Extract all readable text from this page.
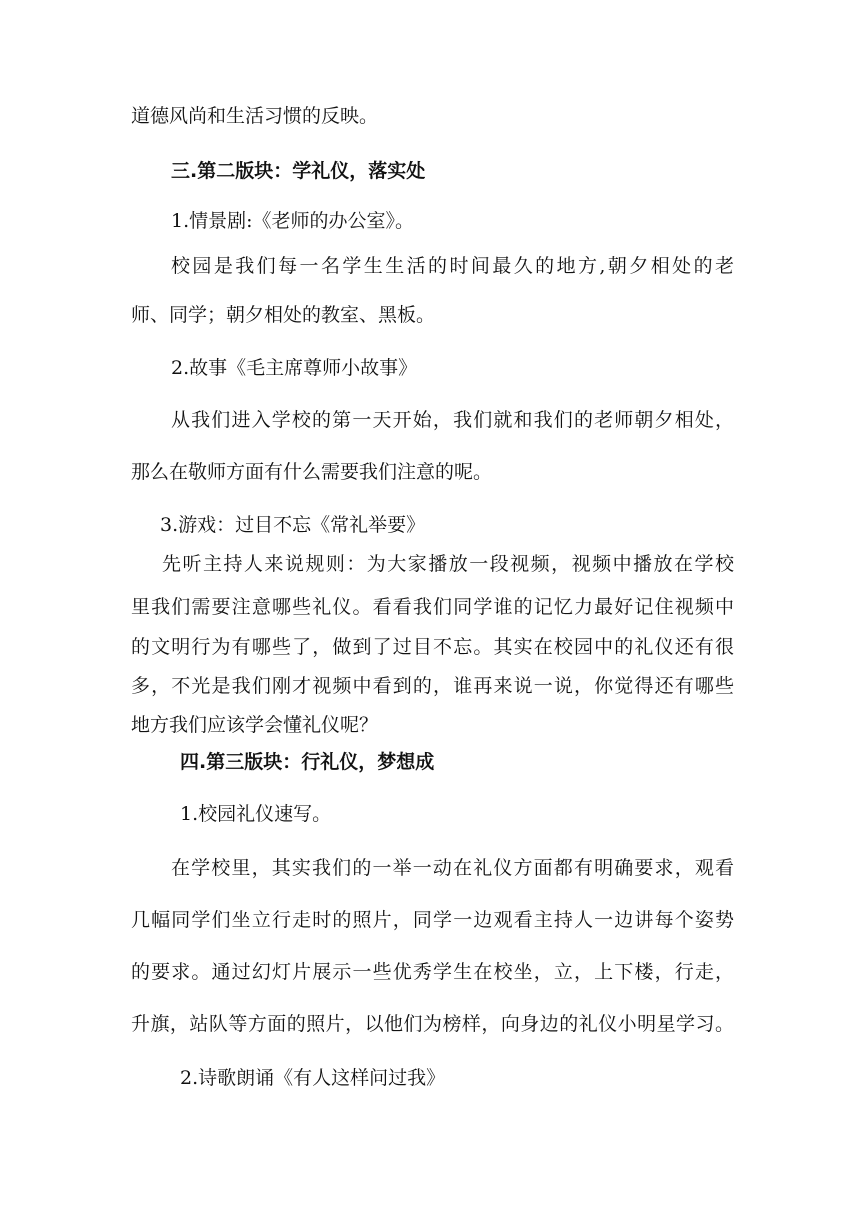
道德风尚和生活习惯的反映。

三.第二版块：学礼仪，落实处

1.情景剧:《老师的办公室》。

校园是我们每一名学生生活的时间最久的地方,朝夕相处的老

师、同学；朝夕相处的教室、黑板。

2.故事《毛主席尊师小故事》

从我们进入学校的第一天开始，我们就和我们的老师朝夕相处，

那么在敬师方面有什么需要我们注意的呢。

3.游戏：过目不忘《常礼举要》

先听主持人来说规则：为大家播放一段视频，视频中播放在学校

里我们需要注意哪些礼仪。看看我们同学谁的记忆力最好记住视频中

的文明行为有哪些了，做到了过目不忘。其实在校园中的礼仪还有很

多，不光是我们刚才视频中看到的，谁再来说一说，你觉得还有哪些

地方我们应该学会懂礼仪呢？

四.第三版块：行礼仪，梦想成

1.校园礼仪速写。

在学校里，其实我们的一举一动在礼仪方面都有明确要求，观看

几幅同学们坐立行走时的照片，同学一边观看主持人一边讲每个姿势

的要求。通过幻灯片展示一些优秀学生在校坐，立，上下楼，行走，

升旗，站队等方面的照片，以他们为榜样，向身边的礼仪小明星学习。

2.诗歌朗诵《有人这样问过我》
